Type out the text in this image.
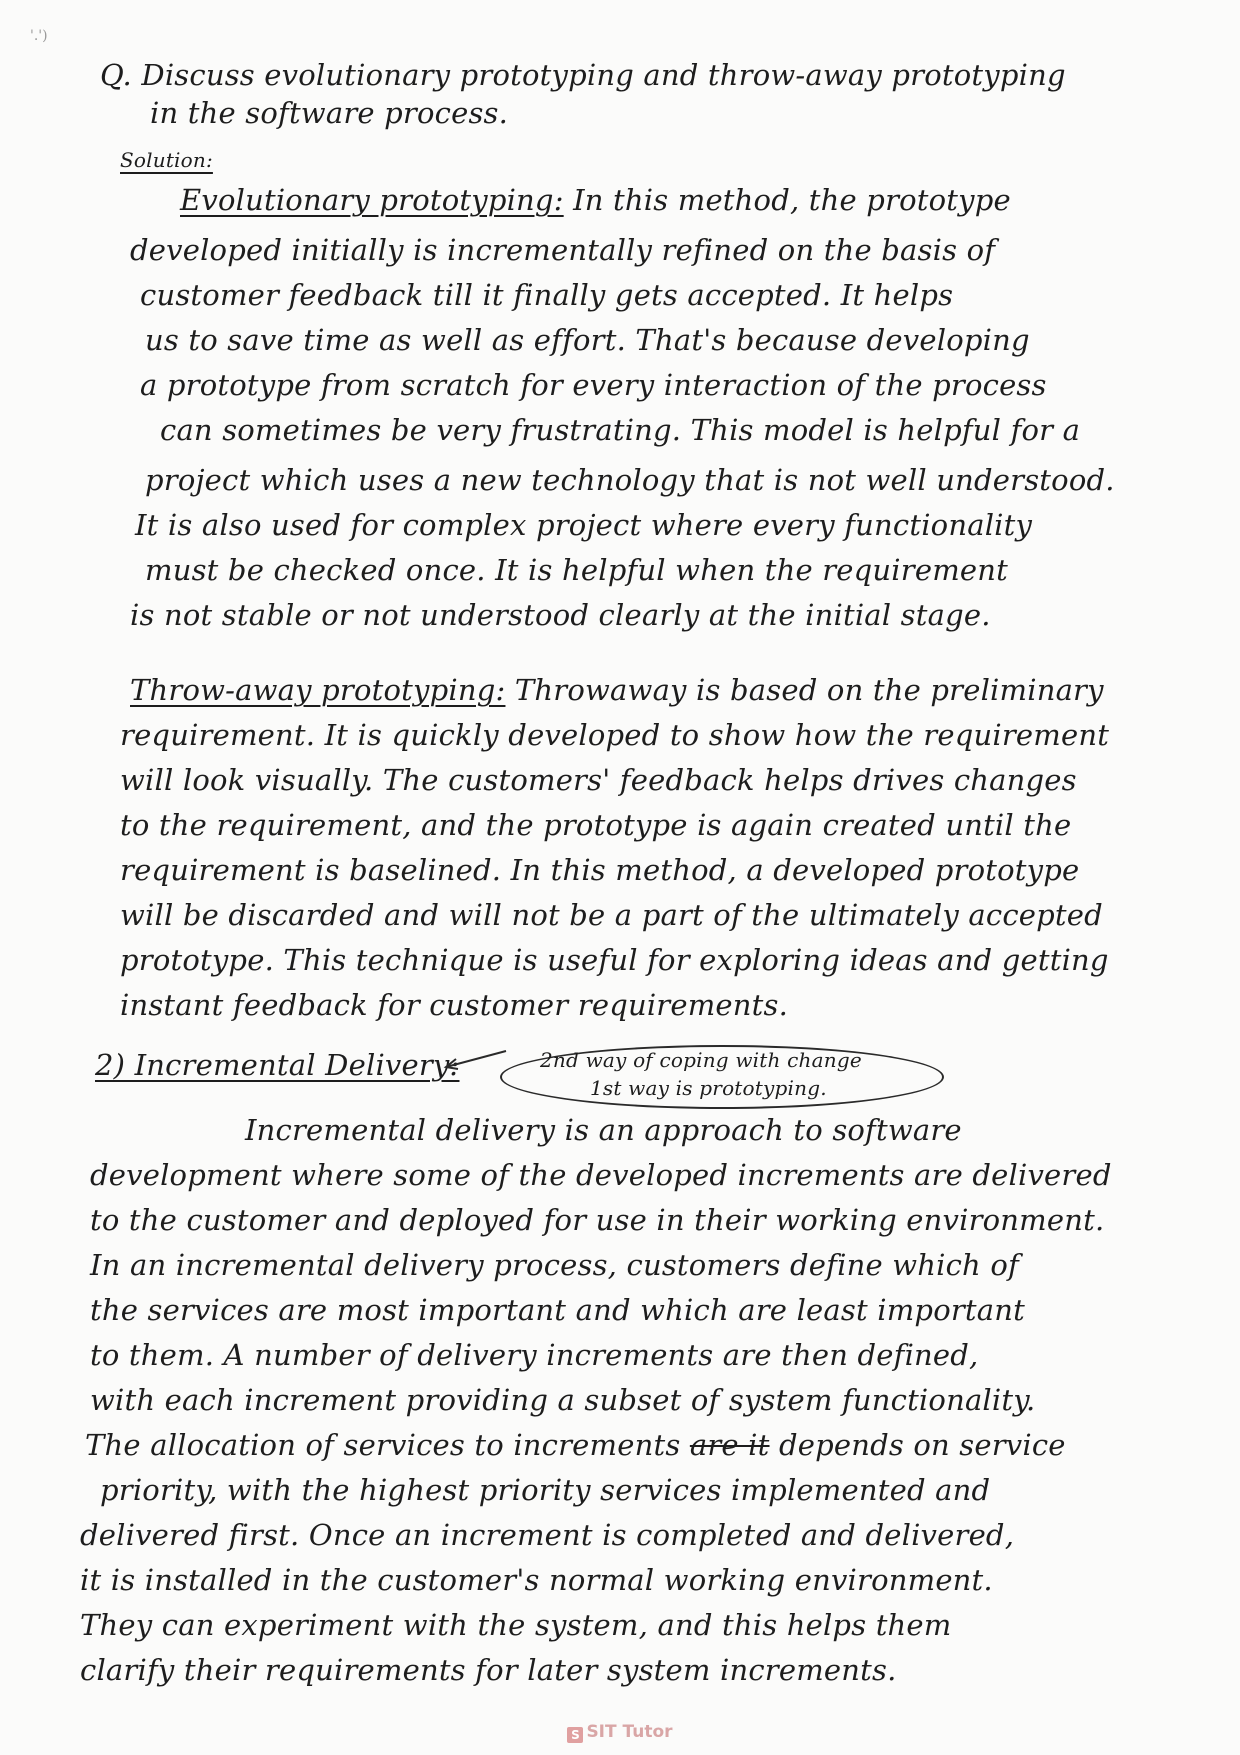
'.')
Q. Discuss evolutionary prototyping and throw-away prototyping
in the software process.
Solution:
Evolutionary prototyping: In this method, the prototype
developed initially is incrementally refined on the basis of
customer feedback till it finally gets accepted. It helps
us to save time as well as effort. That's because developing
a prototype from scratch for every interaction of the process
can sometimes be very frustrating. This model is helpful for a
project which uses a new technology that is not well understood.
It is also used for complex project where every functionality
must be checked once. It is helpful when the requirement
is not stable or not understood clearly at the initial stage.
Throw-away prototyping: Throwaway is based on the preliminary
requirement. It is quickly developed to show how the requirement
will look visually. The customers' feedback helps drives changes
to the requirement, and the prototype is again created until the
requirement is baselined. In this method, a developed prototype
will be discarded and will not be a part of the ultimately accepted
prototype. This technique is useful for exploring ideas and getting
instant feedback for customer requirements.
2) Incremental Delivery:	2nd way of coping with change
1st way is prototyping.
Incremental delivery is an approach to software
development where some of the developed increments are delivered
to the customer and deployed for use in their working environment.
In an incremental delivery process, customers define which of
the services are most important and which are least important
to them. A number of delivery increments are then defined,
with each increment providing a subset of system functionality.
The allocation of services to increments are it depends on service
priority, with the highest priority services implemented and
delivered first. Once an increment is completed and delivered,
it is installed in the customer's normal working environment.
They can experiment with the system, and this helps them
clarify their requirements for later system increments.
S SIT Tutor
